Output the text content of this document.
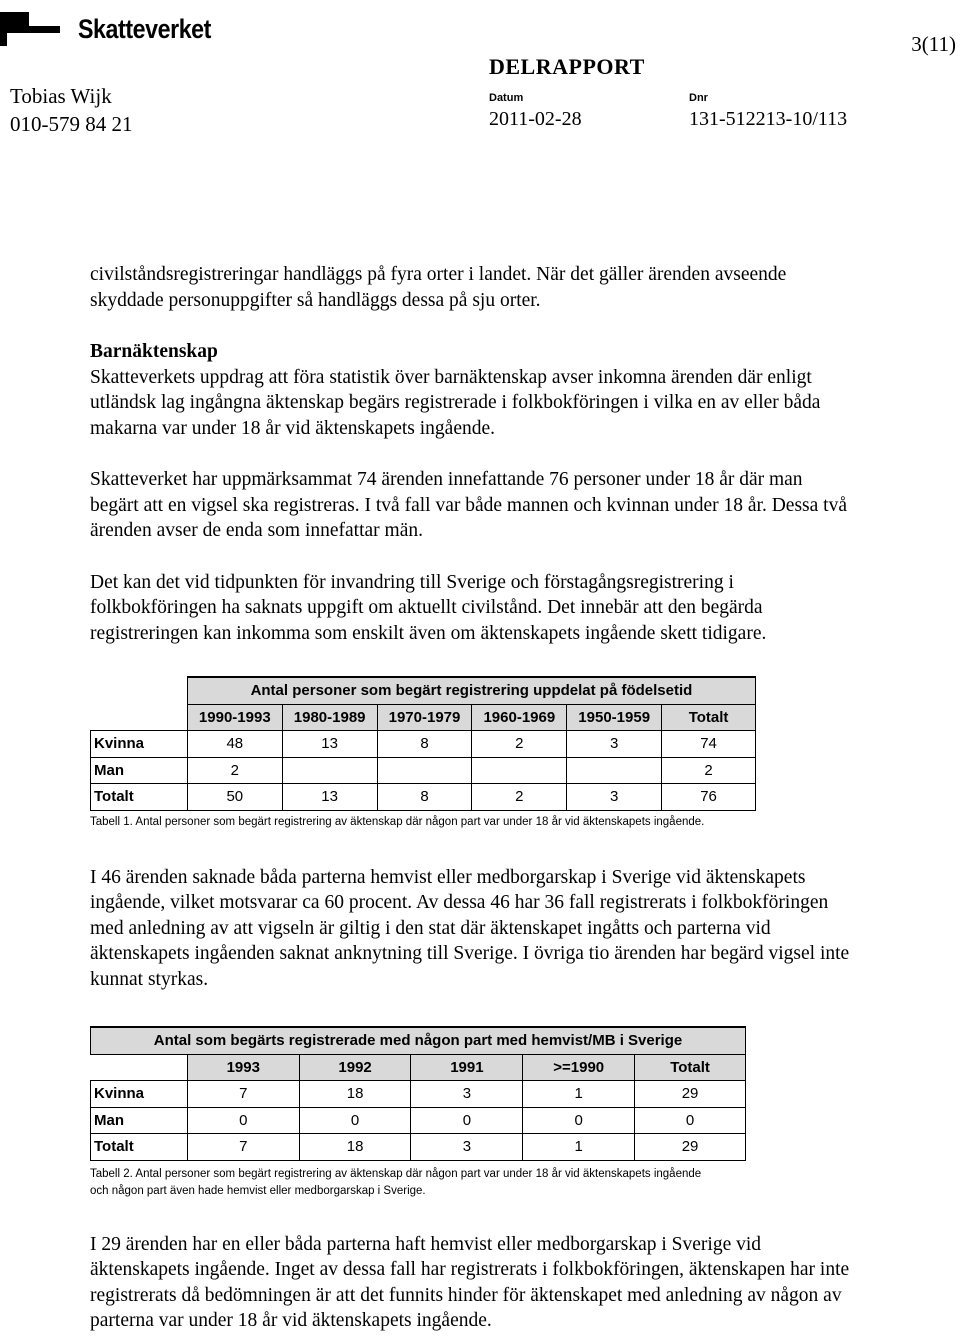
Skatteverket	3(11)
DELRAPPORT
Tobias Wijk
010-579 84 21
Datum
2011-02-28
Dnr
131-512213-10/113

civilståndsregistreringar handläggs på fyra orter i landet. När det gäller ärenden avseende skyddade personuppgifter så handläggs dessa på sju orter.

Barnäktenskap

Skatteverkets uppdrag att föra statistik över barnäktenskap avser inkomna ärenden där enligt utländsk lag ingångna äktenskap begärs registrerade i folkbokföringen i vilka en av eller båda makarna var under 18 år vid äktenskapets ingående.

Skatteverket har uppmärksammat 74 ärenden innefattande 76 personer under 18 år där man begärt att en vigsel ska registreras. I två fall var både mannen och kvinnan under 18 år. Dessa två ärenden avser de enda som innefattar män.

Det kan det vid tidpunkten för invandring till Sverige och förstagångsregistrering i folkbokföringen ha saknats uppgift om aktuellt civilstånd. Det innebär att den begärda registreringen kan inkomma som enskilt även om äktenskapets ingående skett tidigare.

	Antal personer som begärt registrering uppdelat på födelsetid					
	1990-1993	1980-1989	1970-1979	1960-1969	1950-1959	Totalt
Kvinna	48	13	8	2	3	74
Man	2					2
Totalt	50	13	8	2	3	76
Tabell 1. Antal personer som begärt registrering av äktenskap där någon part var under 18 år vid äktenskapets ingående.

I 46 ärenden saknade båda parterna hemvist eller medborgarskap i Sverige vid äktenskapets ingående, vilket motsvarar ca 60 procent. Av dessa 46 har 36 fall registrerats i folkbokföringen med anledning av att vigseln är giltig i den stat där äktenskapet ingåtts och parterna vid äktenskapets ingåenden saknat anknytning till Sverige. I övriga tio ärenden har begärd vigsel inte kunnat styrkas.

Antal som begärts registrerade med någon part med hemvist/MB i Sverige					
	1993	1992	1991	>=1990	Totalt
Kvinna	7	18	3	1	29
Man	0	0	0	0	0
Totalt	7	18	3	1	29
Tabell 2. Antal personer som begärt registrering av äktenskap där någon part var under 18 år vid äktenskapets ingående
och någon part även hade hemvist eller medborgarskap i Sverige.

I 29 ärenden har en eller båda parterna haft hemvist eller medborgarskap i Sverige vid äktenskapets ingående. Inget av dessa fall har registrerats i folkbokföringen, äktenskapen har inte registrerats då bedömningen är att det funnits hinder för äktenskapet med anledning av någon av parterna var under 18 år vid äktenskapets ingående.
